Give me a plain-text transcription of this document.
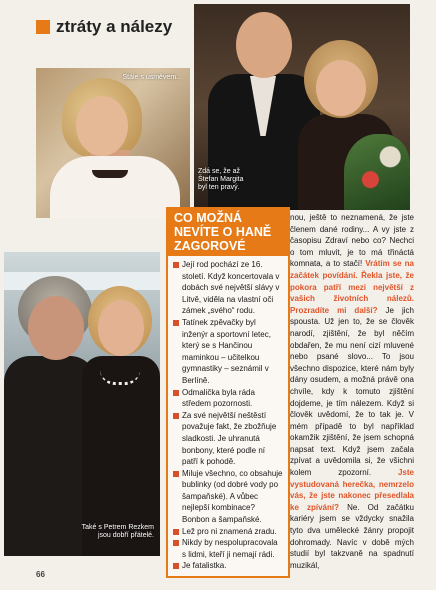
ztráty a nálezy
Stále s úsměvem...
Zdá se, že až
Štefan Margita
byl ten pravý.
Také s Petrem Rezkem
jsou dobří přátelé.
CO MOŽNÁ NEVÍTE O HANĚ ZAGOROVÉ
Její rod pochází ze 16. století. Když koncertovala v dobách své největší slávy v Litvě, viděla na vlastní oči zámek „svého“ rodu.
Tatínek zpěvačky byl inženýr a sportovní letec, který se s Hančinou maminkou – učitelkou gymnastiky – seznámil v Berlíně.
Odmalička byla ráda středem pozornosti.
Za své největší neštěstí považuje fakt, že zbožňuje sladkosti. Je uhranutá bonbony, které podle ní patří k pohodě.
Miluje všechno, co obsahuje bublinky (od dobré vody po šampaňské). A vůbec nejlepší kombinace? Bonbon a šampaňské.
Lež pro ni znamená zradu.
Nikdy by nespolupracovala s lidmi, kteří ji nemají rádi.
Je fatalistka.

nou, ještě to neznamená, že jste členem dané rodiny... A vy jste z časopisu Zdraví nebo co? Nechci o tom mluvit, je to má třináctá komnata, a to stačí! Vrátím se na začátek povídání. Řekla jste, že pokora patří mezi největší z vašich životních nálezů. Prozradíte mi další? Je jich spousta. Už jen to, že se člověk narodí, zjištění, že byl něčím obdařen, že mu není cizí mluvené nebo psané slovo... To jsou všechno dispozice, které nám byly dány osudem, a možná právě ona chvíle, kdy k tomuto zjištění dojdeme, je tím nálezem. Když si člověk uvědomí, že to tak je. V mém případě to byl například okamžik zjištění, že jsem schopná napsat text. Když jsem začala zpívat a uvědomila si, že všichni kolem zpozorní.	Jste vystudovaná herečka, nemrzelo vás, že jste nakonec přesedlala ke zpívání? Ne. Od začátku kariéry jsem se vždycky snažila tyto dva umělecké žánry propojit dohromady. Navíc v době mých studií byl takzvaně na spadnutí muzikál,

66
